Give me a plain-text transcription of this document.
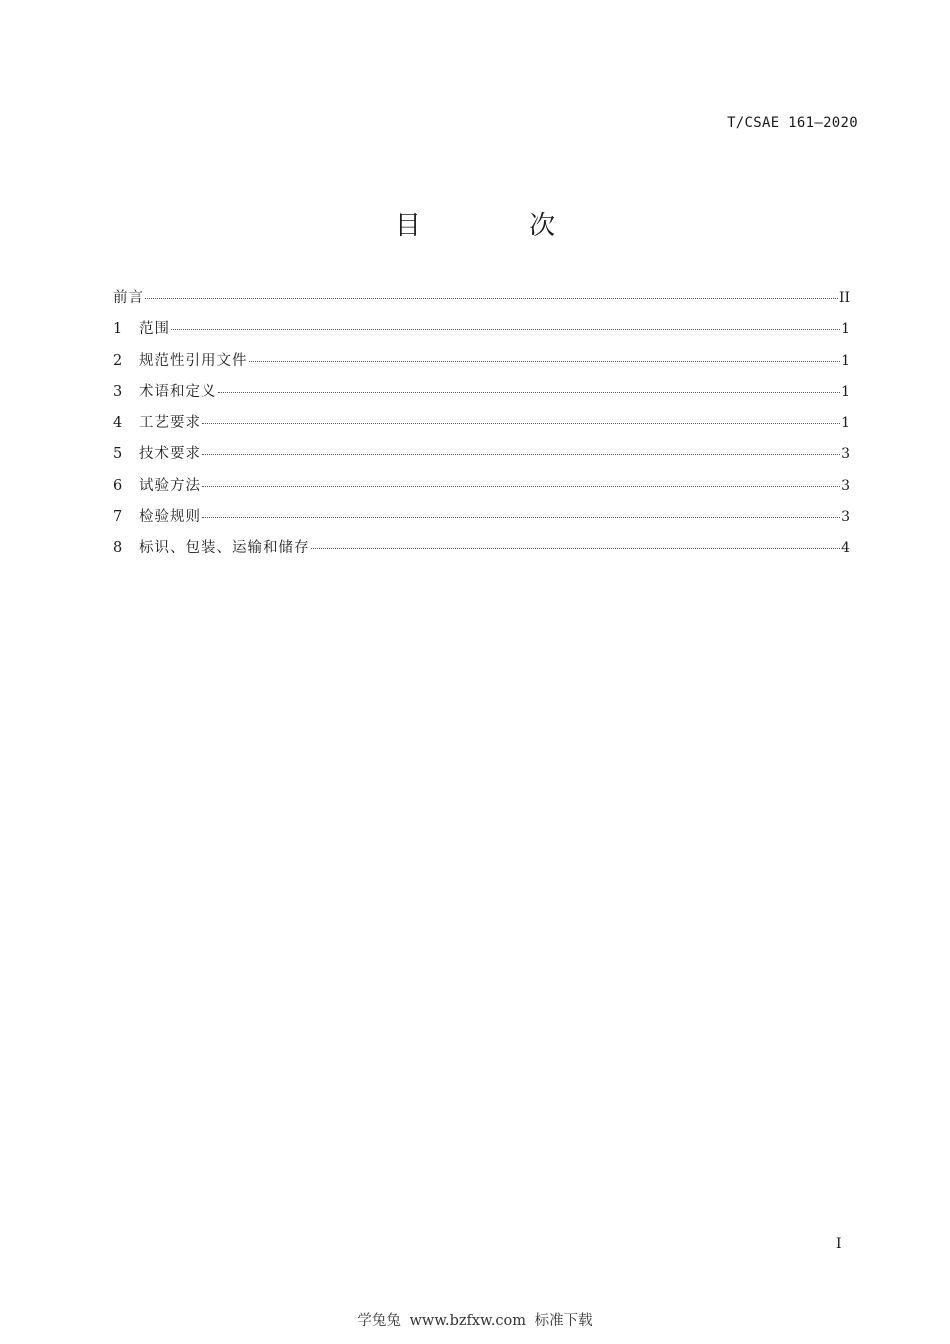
T/CSAE 161—2020
目 次
前言	II
1	范围	1
2	规范性引用文件	1
3	术语和定义	1
4	工艺要求	1
5	技术要求	3
6	试验方法	3
7	检验规则	3
8	标识、包装、运输和储存	4
I
学兔兔 www.bzfxw.com 标准下载
